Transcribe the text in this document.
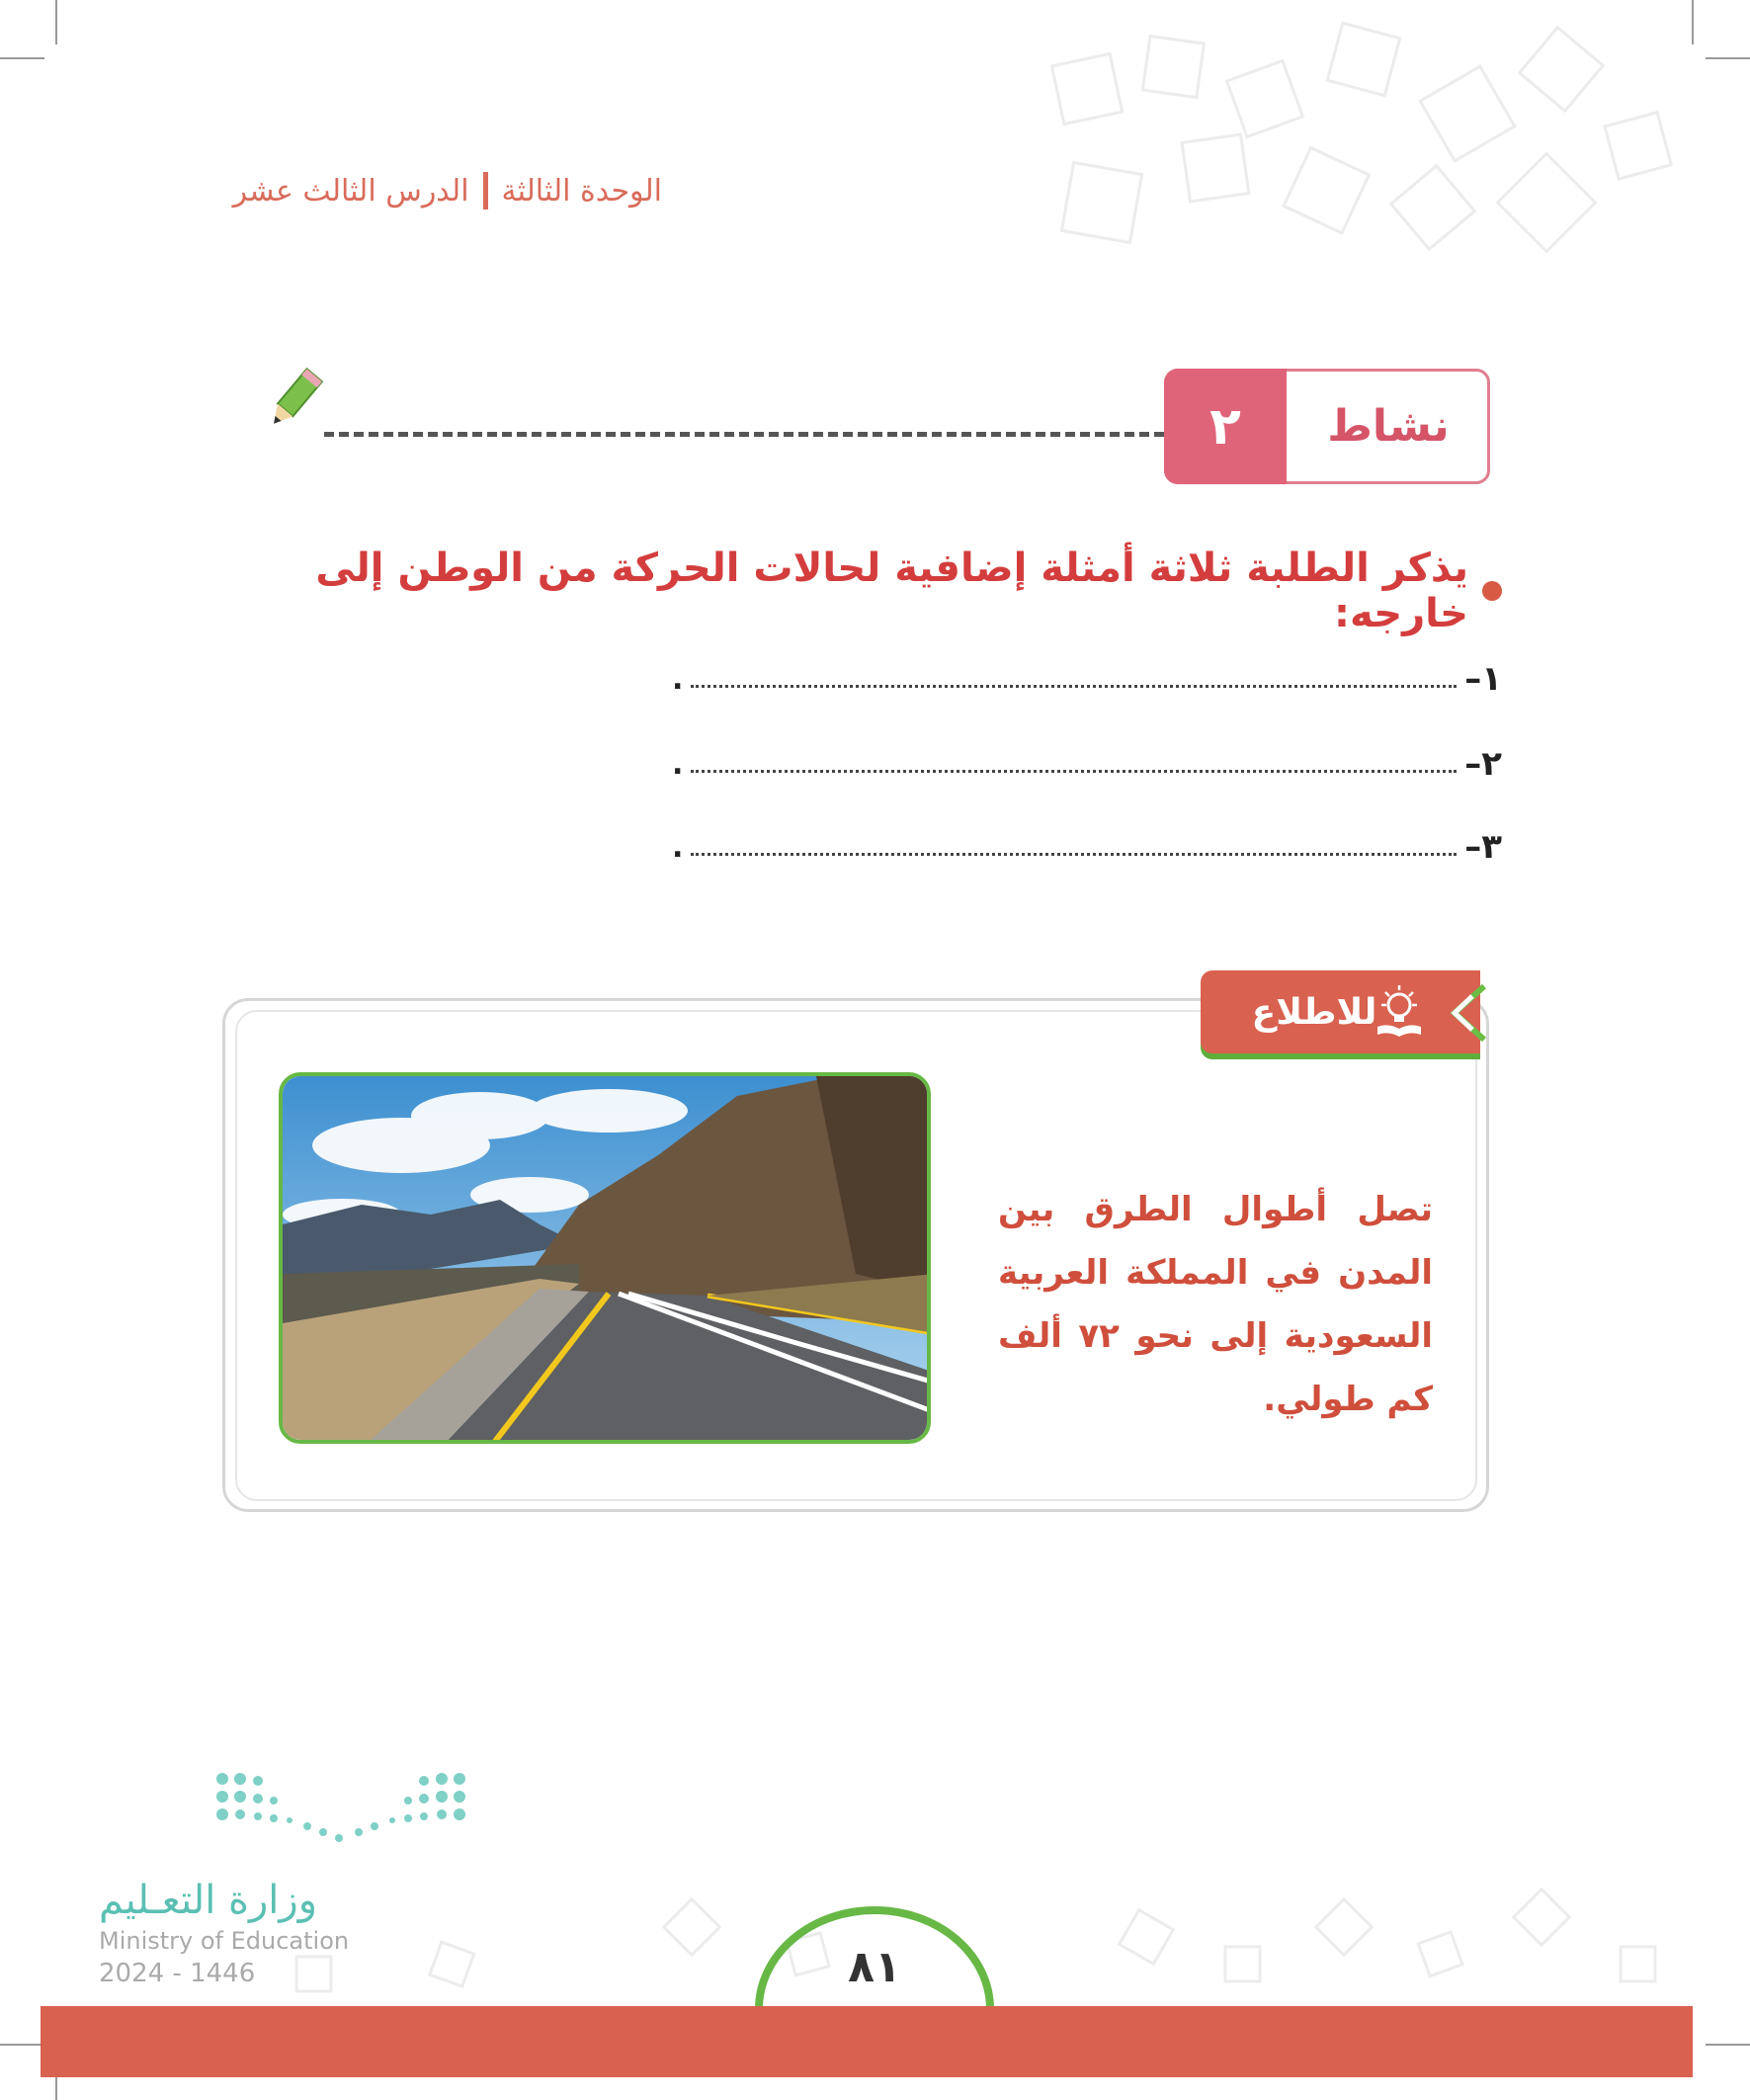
الوحدة الثالثة
الدرس الثالث عشر
٢	نشاط
يذكر الطلبة ثلاثة أمثلة إضافية لحالات الحركة من الوطن إلى خارجه:
١–
.
٢–
.
٣–
.
للاطلاع
تصل أطوال الطرق بين المدن في المملكة العربية السعودية إلى نحو ٧٢ ألف كم طولي.
وزارة التعـليم
Ministry of Education
2024 - 1446	٨١
